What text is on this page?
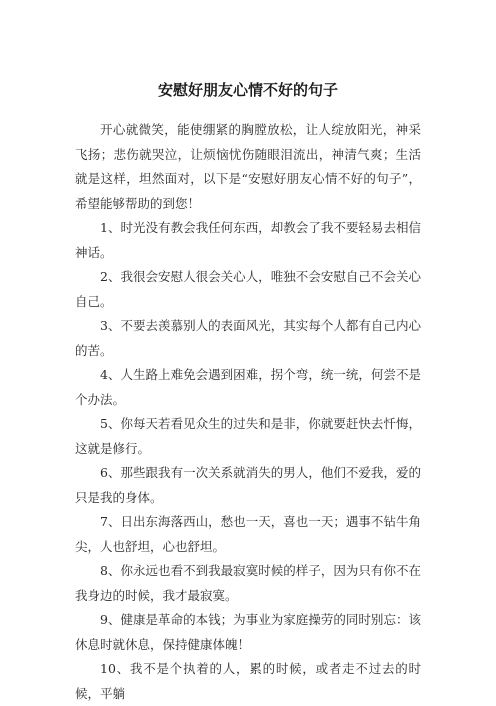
安慰好朋友心情不好的句子

开心就微笑，能使绷紧的胸膛放松，让人绽放阳光，神采飞扬；悲伤就哭泣，让烦恼忧伤随眼泪流出，神清气爽；生活就是这样，坦然面对，以下是“安慰好朋友心情不好的句子”，希望能够帮助的到您！

1、时光没有教会我任何东西，却教会了我不要轻易去相信神话。

2、我很会安慰人很会关心人，唯独不会安慰自己不会关心自己。

3、不要去羡慕别人的表面风光，其实每个人都有自己内心的苦。

4、人生路上难免会遇到困难，拐个弯，统一统，何尝不是个办法。

5、你每天若看见众生的过失和是非，你就要赶快去忏悔，这就是修行。

6、那些跟我有一次关系就消失的男人，他们不爱我，爱的只是我的身体。

7、日出东海落西山，愁也一天，喜也一天；遇事不钻牛角尖，人也舒坦，心也舒坦。

8、你永远也看不到我最寂寞时候的样子，因为只有你不在我身边的时候，我才最寂寞。

9、健康是革命的本钱；为事业为家庭操劳的同时别忘：该休息时就休息，保持健康体魄！

10、我不是个执着的人，累的时候，或者走不过去的时候，平躺
